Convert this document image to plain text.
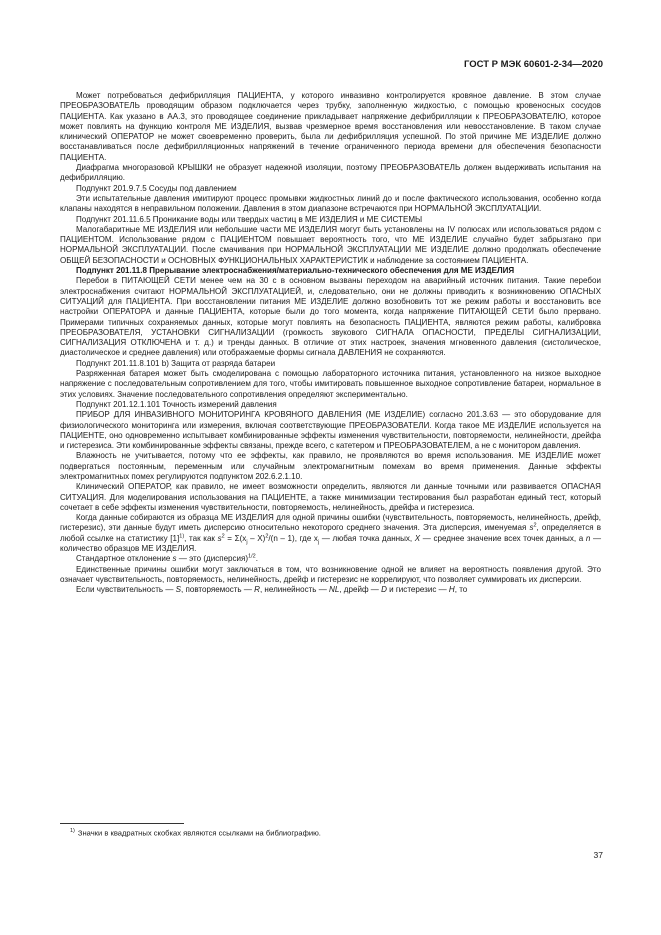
ГОСТ Р МЭК 60601-2-34—2020

Может потребоваться дефибрилляция ПАЦИЕНТА, у которого инвазивно контролируется кровяное давление. В этом случае ПРЕОБРАЗОВАТЕЛЬ проводящим образом подключается через трубку, заполненную жидкостью, с помощью кровеносных сосудов ПАЦИЕНТА. Как указано в АА.3, это проводящее соединение прикладывает напряжение дефибрилляции к ПРЕОБРАЗОВАТЕЛЮ, которое может повлиять на функцию контроля МЕ ИЗДЕЛИЯ, вызвав чрезмерное время восстановления или невосстановление. В таком случае клинический ОПЕРАТОР не может своевременно проверить, была ли дефибрилляция успешной. По этой причине МЕ ИЗДЕЛИЕ должно восстанавливаться после дефибрилляционных напряжений в течение ограниченного периода времени для обеспечения безопасности ПАЦИЕНТА.

Диафрагма многоразовой КРЫШКИ не образует надежной изоляции, поэтому ПРЕОБРАЗОВАТЕЛЬ должен выдерживать испытания на дефибрилляцию.

Подпункт 201.9.7.5 Сосуды под давлением

Эти испытательные давления имитируют процесс промывки жидкостных линий до и после фактического использования, особенно когда клапаны находятся в неправильном положении. Давления в этом диапазоне встречаются при НОРМАЛЬНОЙ ЭКСПЛУАТАЦИИ.

Подпункт 201.11.6.5 Проникание воды или твердых частиц в МЕ ИЗДЕЛИЯ и МЕ СИСТЕМЫ

Малогабаритные МЕ ИЗДЕЛИЯ или небольшие части МЕ ИЗДЕЛИЯ могут быть установлены на IV полюсах или использоваться рядом с ПАЦИЕНТОМ. Использование рядом с ПАЦИЕНТОМ повышает вероятность того, что МЕ ИЗДЕЛИЕ случайно будет забрызгано при НОРМАЛЬНОЙ ЭКСПЛУАТАЦИИ. После смачивания при НОРМАЛЬНОЙ ЭКСПЛУАТАЦИИ МЕ ИЗДЕЛИЕ должно продолжать обеспечение ОБЩЕЙ БЕЗОПАСНОСТИ и ОСНОВНЫХ ФУНКЦИОНАЛЬНЫХ ХАРАКТЕРИСТИК и наблюдение за состоянием ПАЦИЕНТА.

Подпункт 201.11.8 Прерывание электроснабжения/материально-технического обеспечения для МЕ ИЗДЕЛИЯ

Перебои в ПИТАЮЩЕЙ СЕТИ менее чем на 30 с в основном вызваны переходом на аварийный источник питания. Такие перебои электроснабжения считают НОРМАЛЬНОЙ ЭКСПЛУАТАЦИЕЙ, и, следовательно, они не должны приводить к возникновению ОПАСНЫХ СИТУАЦИЙ для ПАЦИЕНТА. При восстановлении питания МЕ ИЗДЕЛИЕ должно возобновить тот же режим работы и восстановить все настройки ОПЕРАТОРА и данные ПАЦИЕНТА, которые были до того момента, когда напряжение ПИТАЮЩЕЙ СЕТИ было прервано. Примерами типичных сохраняемых данных, которые могут повлиять на безопасность ПАЦИЕНТА, являются режим работы, калибровка ПРЕОБРАЗОВАТЕЛЯ, УСТАНОВКИ СИГНАЛИЗАЦИИ (громкость звукового СИГНАЛА ОПАСНОСТИ, ПРЕДЕЛЫ СИГНАЛИЗАЦИИ, СИГНАЛИЗАЦИЯ ОТКЛЮЧЕНА и т. д.) и тренды данных. В отличие от этих настроек, значения мгновенного давления (систолическое, диастолическое и среднее давления) или отображаемые формы сигнала ДАВЛЕНИЯ не сохраняются.

Подпункт 201.11.8.101 b) Защита от разряда батареи

Разряженная батарея может быть смоделирована с помощью лабораторного источника питания, установленного на низкое выходное напряжение с последовательным сопротивлением для того, чтобы имитировать повышенное выходное сопротивление батареи, нормальное в этих условиях. Значение последовательного сопротивления определяют экспериментально.

Подпункт 201.12.1.101 Точность измерений давления

ПРИБОР ДЛЯ ИНВАЗИВНОГО МОНИТОРИНГА КРОВЯНОГО ДАВЛЕНИЯ (МЕ ИЗДЕЛИЕ) согласно 201.3.63 — это оборудование для физиологического мониторинга или измерения, включая соответствующие ПРЕОБРАЗОВАТЕЛИ. Когда такое МЕ ИЗДЕЛИЕ используется на ПАЦИЕНТЕ, оно одновременно испытывает комбинированные эффекты изменения чувствительности, повторяемости, нелинейности, дрейфа и гистерезиса. Эти комбинированные эффекты связаны, прежде всего, с катетером и ПРЕОБРАЗОВАТЕЛЕМ, а не с монитором давления.

Влажность не учитывается, потому что ее эффекты, как правило, не проявляются во время использования. МЕ ИЗДЕЛИЕ может подвергаться постоянным, переменным или случайным электромагнитным помехам во время применения. Данные эффекты электромагнитных помех регулируются подпунктом 202.6.2.1.10.

Клинический ОПЕРАТОР, как правило, не имеет возможности определить, являются ли данные точными или развивается ОПАСНАЯ СИТУАЦИЯ. Для моделирования использования на ПАЦИЕНТЕ, а также минимизации тестирования был разработан единый тест, который сочетает в себе эффекты изменения чувствительности, повторяемость, нелинейность, дрейфа и гистерезиса.

Когда данные собираются из образца МЕ ИЗДЕЛИЯ для одной причины ошибки (чувствительность, повторяемость, нелинейность, дрейф, гистерезис), эти данные будут иметь дисперсию относительно некоторого среднего значения. Эта дисперсия, именуемая $s^2$, определяется в любой ссылке на статистику $[1]^{1)}$, так как $s^2 = \Sigma(x_j - X)^2/(n - 1)$, где $x_j$ — любая точка данных, X — среднее значение всех точек данных, а n — количество образцов МЕ ИЗДЕЛИЯ.

Стандартное отклонение s — это (дисперсия)$^{1/2}$.

Единственные причины ошибки могут заключаться в том, что возникновение одной не влияет на вероятность появления другой. Это означает чувствительность, повторяемость, нелинейность, дрейф и гистерезис не коррелируют, что позволяет суммировать их дисперсии.

Если чувствительность — S, повторяемость — R, нелинейность — NL, дрейф — D и гистерезис — H, то

$^{1)}$ Значки в квадратных скобках являются ссылками на библиографию.
37
